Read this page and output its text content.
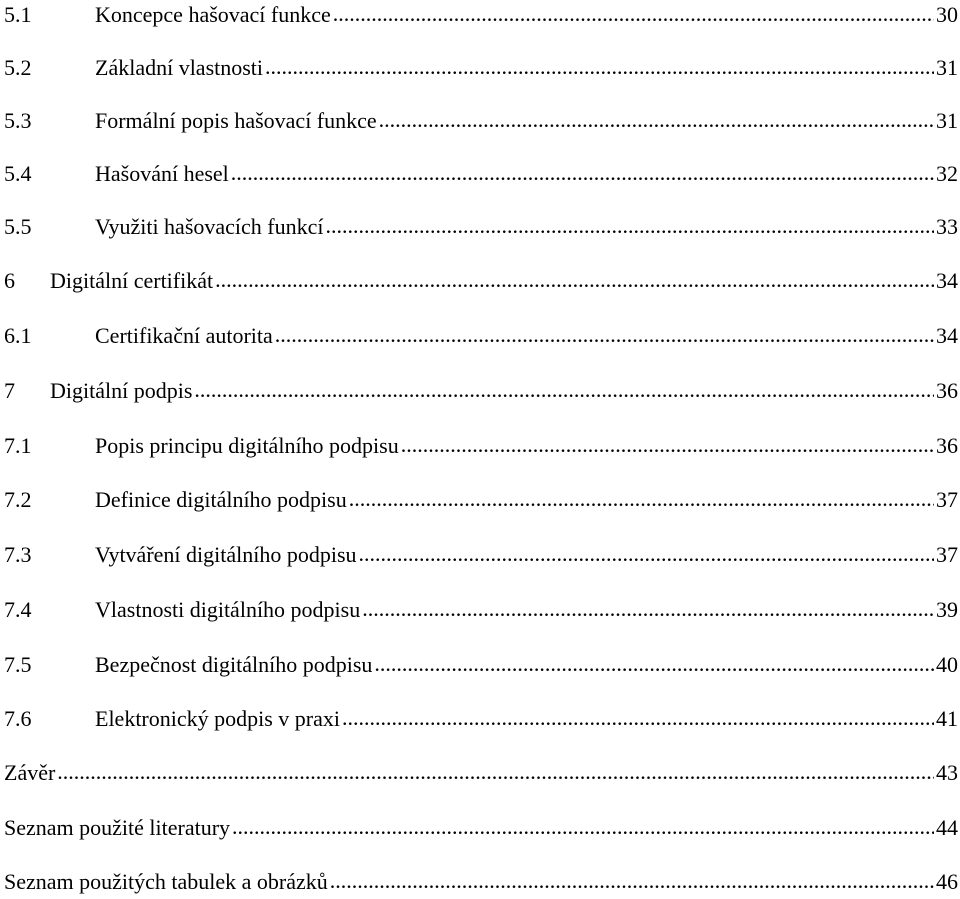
5.1	Koncepce hašovací funkce .....	30
5.2	Základní vlastnosti .....	31
5.3	Formální popis hašovací funkce .....	31
5.4	Hašování hesel .....	32
5.5	Využiti hašovacích funkcí .....	33
6	Digitální certifikát .....	34
6.1	Certifikační autorita .....	34
7	Digitální podpis .....	36
7.1	Popis principu digitálního podpisu .....	36
7.2	Definice digitálního podpisu .....	37
7.3	Vytváření digitálního podpisu .....	37
7.4	Vlastnosti digitálního podpisu .....	39
7.5	Bezpečnost digitálního podpisu .....	40
7.6	Elektronický podpis v praxi .....	41
Závěr .....	43
Seznam použité literatury .....	44
Seznam použitých tabulek a obrázků .....	46
